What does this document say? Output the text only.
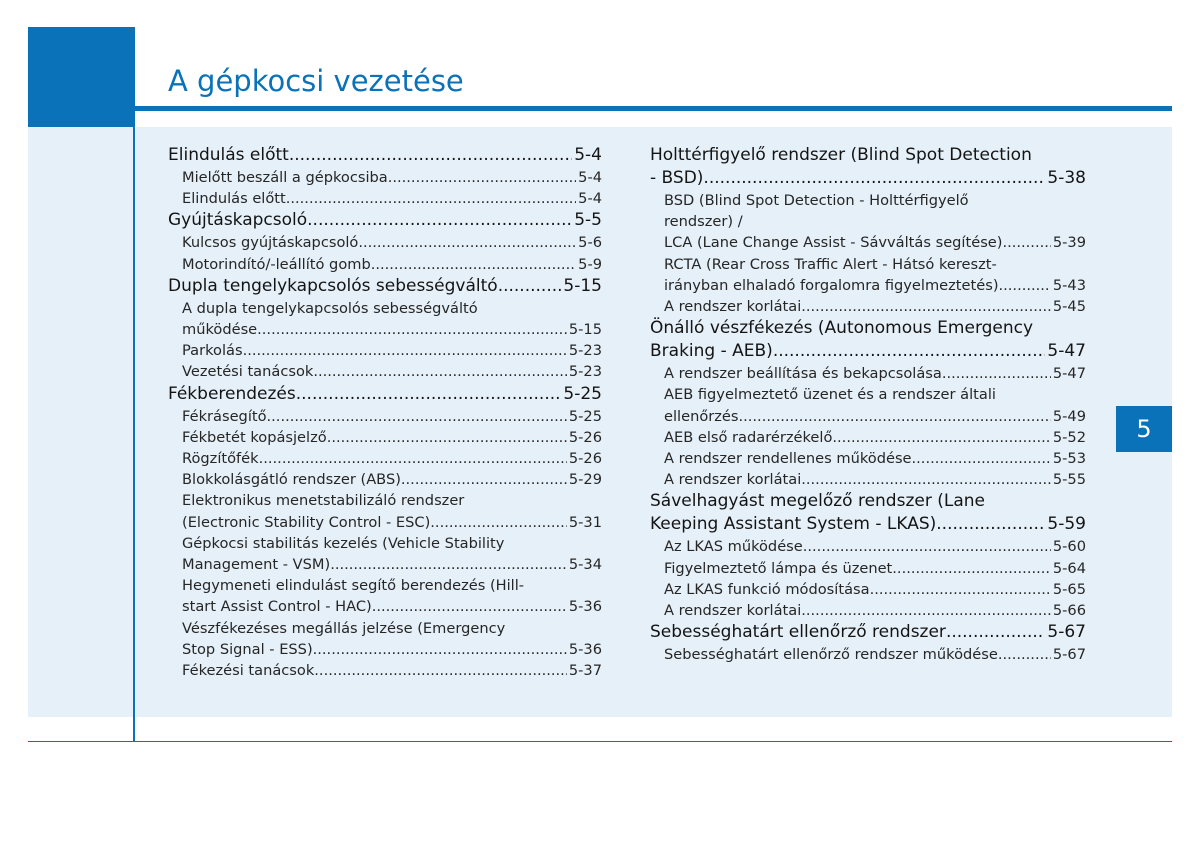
A gépkocsi vezetése
5
Elindulás előtt .....	5-4
Mielőtt beszáll a gépkocsiba .....	5-4
Elindulás előtt .....	5-4
Gyújtáskapcsoló .....	5-5
Kulcsos gyújtáskapcsoló .....	5-6
Motorindító/-leállító gomb .....	5-9
Dupla tengelykapcsolós sebességváltó .....	5-15
A dupla tengelykapcsolós sebességváltó
működése .....	5-15
Parkolás .....	5-23
Vezetési tanácsok .....	5-23
Fékberendezés .....	5-25
Fékrásegítő .....	5-25
Fékbetét kopásjelző .....	5-26
Rögzítőfék .....	5-26
Blokkolásgátló rendszer (ABS) .....	5-29
Elektronikus menetstabilizáló rendszer
(Electronic Stability Control - ESC) .....	5-31
Gépkocsi stabilitás kezelés (Vehicle Stability
Management - VSM) .....	5-34
Hegymeneti elindulást segítő berendezés (Hill-
start Assist Control - HAC) .....	5-36
Vészfékezéses megállás jelzése (Emergency
Stop Signal - ESS) .....	5-36
Fékezési tanácsok .....	5-37
Holttérfigyelő rendszer (Blind Spot Detection
- BSD) .....	5-38
BSD (Blind Spot Detection - Holttérfigyelő
rendszer) /
LCA (Lane Change Assist - Sávváltás segítése) .....	5-39
RCTA (Rear Cross Traffic Alert - Hátsó kereszt-
irányban elhaladó forgalomra figyelmeztetés) .....	5-43
A rendszer korlátai .....	5-45
Önálló vészfékezés (Autonomous Emergency
Braking - AEB) .....	5-47
A rendszer beállítása és bekapcsolása .....	5-47
AEB figyelmeztető üzenet és a rendszer általi
ellenőrzés .....	5-49
AEB első radarérzékelő .....	5-52
A rendszer rendellenes működése .....	5-53
A rendszer korlátai .....	5-55
Sávelhagyást megelőző rendszer (Lane
Keeping Assistant System - LKAS) .....	5-59
Az LKAS működése .....	5-60
Figyelmeztető lámpa és üzenet .....	5-64
Az LKAS funkció módosítása .....	5-65
A rendszer korlátai .....	5-66
Sebességhatárt ellenőrző rendszer .....	5-67
Sebességhatárt ellenőrző rendszer működése .....	5-67
